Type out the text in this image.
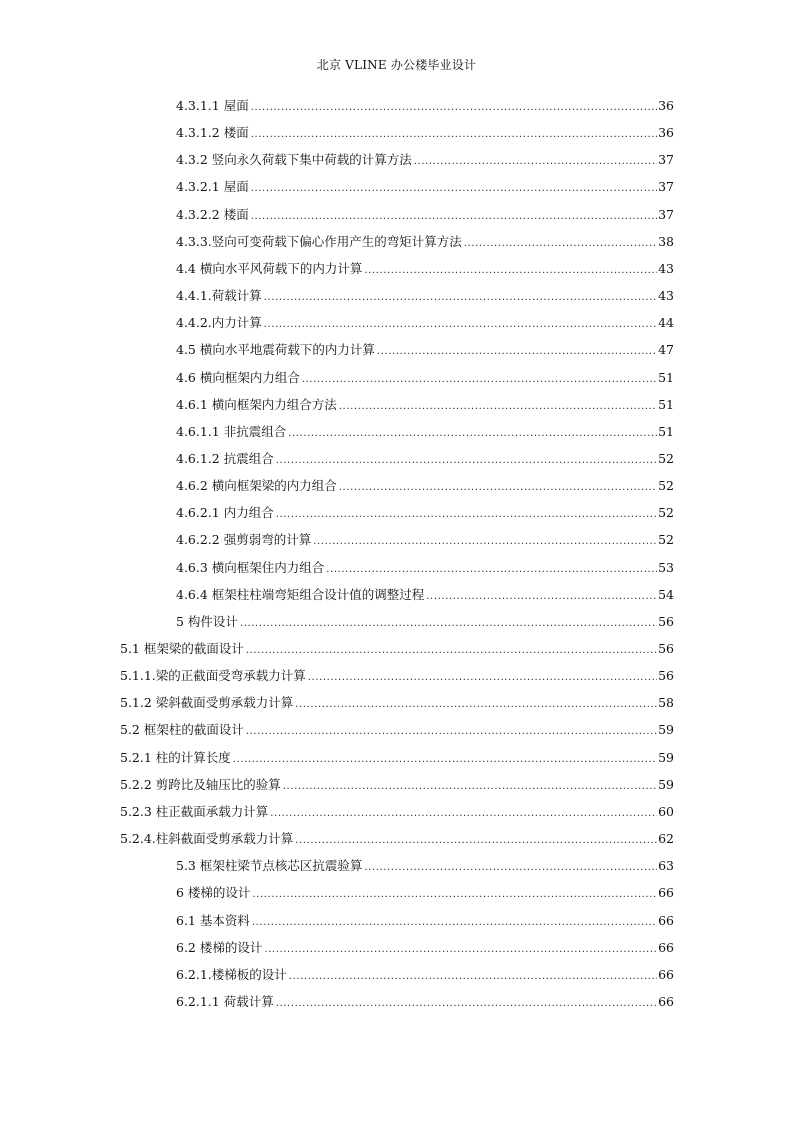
北京 VLINE 办公楼毕业设计
4.3.1.1 屋面 .....	36
4.3.1.2 楼面 .....	36
4.3.2 竖向永久荷载下集中荷载的计算方法 .....	37
4.3.2.1 屋面 .....	37
4.3.2.2 楼面 .....	37
4.3.3.竖向可变荷载下偏心作用产生的弯矩计算方法 .....	38
4.4 横向水平风荷载下的内力计算 .....	43
4.4.1.荷载计算 .....	43
4.4.2.内力计算 .....	44
4.5 横向水平地震荷载下的内力计算 .....	47
4.6 横向框架内力组合 .....	51
4.6.1 横向框架内力组合方法 .....	51
4.6.1.1 非抗震组合 .....	51
4.6.1.2 抗震组合 .....	52
4.6.2 横向框架梁的内力组合 .....	52
4.6.2.1 内力组合 .....	52
4.6.2.2 强剪弱弯的计算 .....	52
4.6.3 横向框架住内力组合 .....	53
4.6.4 框架柱柱端弯矩组合设计值的调整过程 .....	54
5 构件设计 .....	56
5.1 框架梁的截面设计 .....	56
5.1.1.梁的正截面受弯承载力计算 .....	56
5.1.2 梁斜截面受剪承载力计算 .....	58
5.2 框架柱的截面设计 .....	59
5.2.1 柱的计算长度 .....	59
5.2.2 剪跨比及轴压比的验算 .....	59
5.2.3 柱正截面承载力计算 .....	60
5.2.4.柱斜截面受剪承载力计算 .....	62
5.3 框架柱梁节点核芯区抗震验算 .....	63
6 楼梯的设计 .....	66
6.1 基本资料 .....	66
6.2 楼梯的设计 .....	66
6.2.1.楼梯板的设计 .....	66
6.2.1.1 荷载计算 .....	66
